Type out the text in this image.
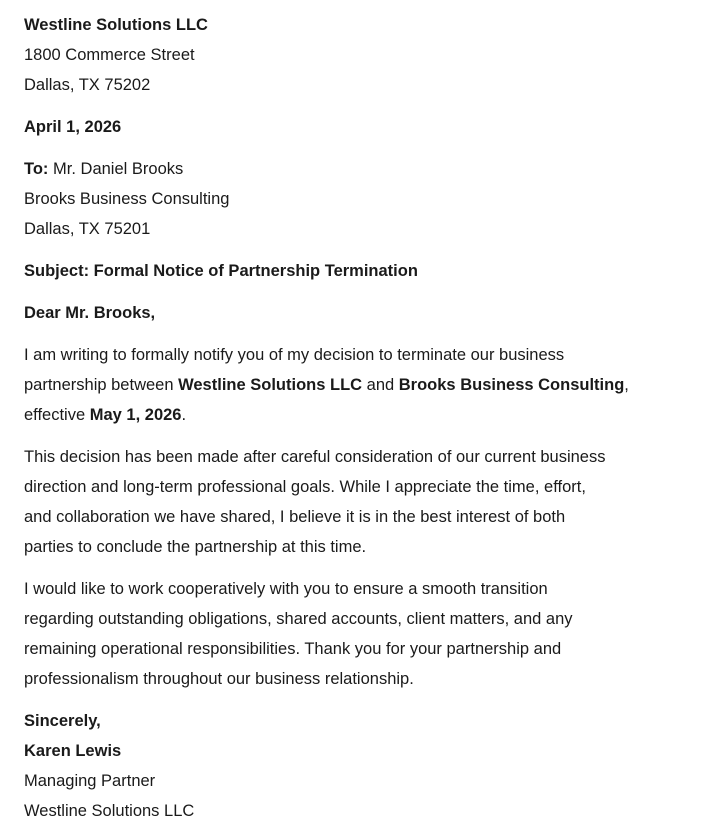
Westline Solutions LLC
1800 Commerce Street
Dallas, TX 75202
April 1, 2026
To: Mr. Daniel Brooks
Brooks Business Consulting
Dallas, TX 75201
Subject: Formal Notice of Partnership Termination
Dear Mr. Brooks,
I am writing to formally notify you of my decision to terminate our business
partnership between Westline Solutions LLC and Brooks Business Consulting,
effective May 1, 2026.
This decision has been made after careful consideration of our current business
direction and long-term professional goals. While I appreciate the time, effort,
and collaboration we have shared, I believe it is in the best interest of both
parties to conclude the partnership at this time.
I would like to work cooperatively with you to ensure a smooth transition
regarding outstanding obligations, shared accounts, client matters, and any
remaining operational responsibilities. Thank you for your partnership and
professionalism throughout our business relationship.
Sincerely,
Karen Lewis
Managing Partner
Westline Solutions LLC
